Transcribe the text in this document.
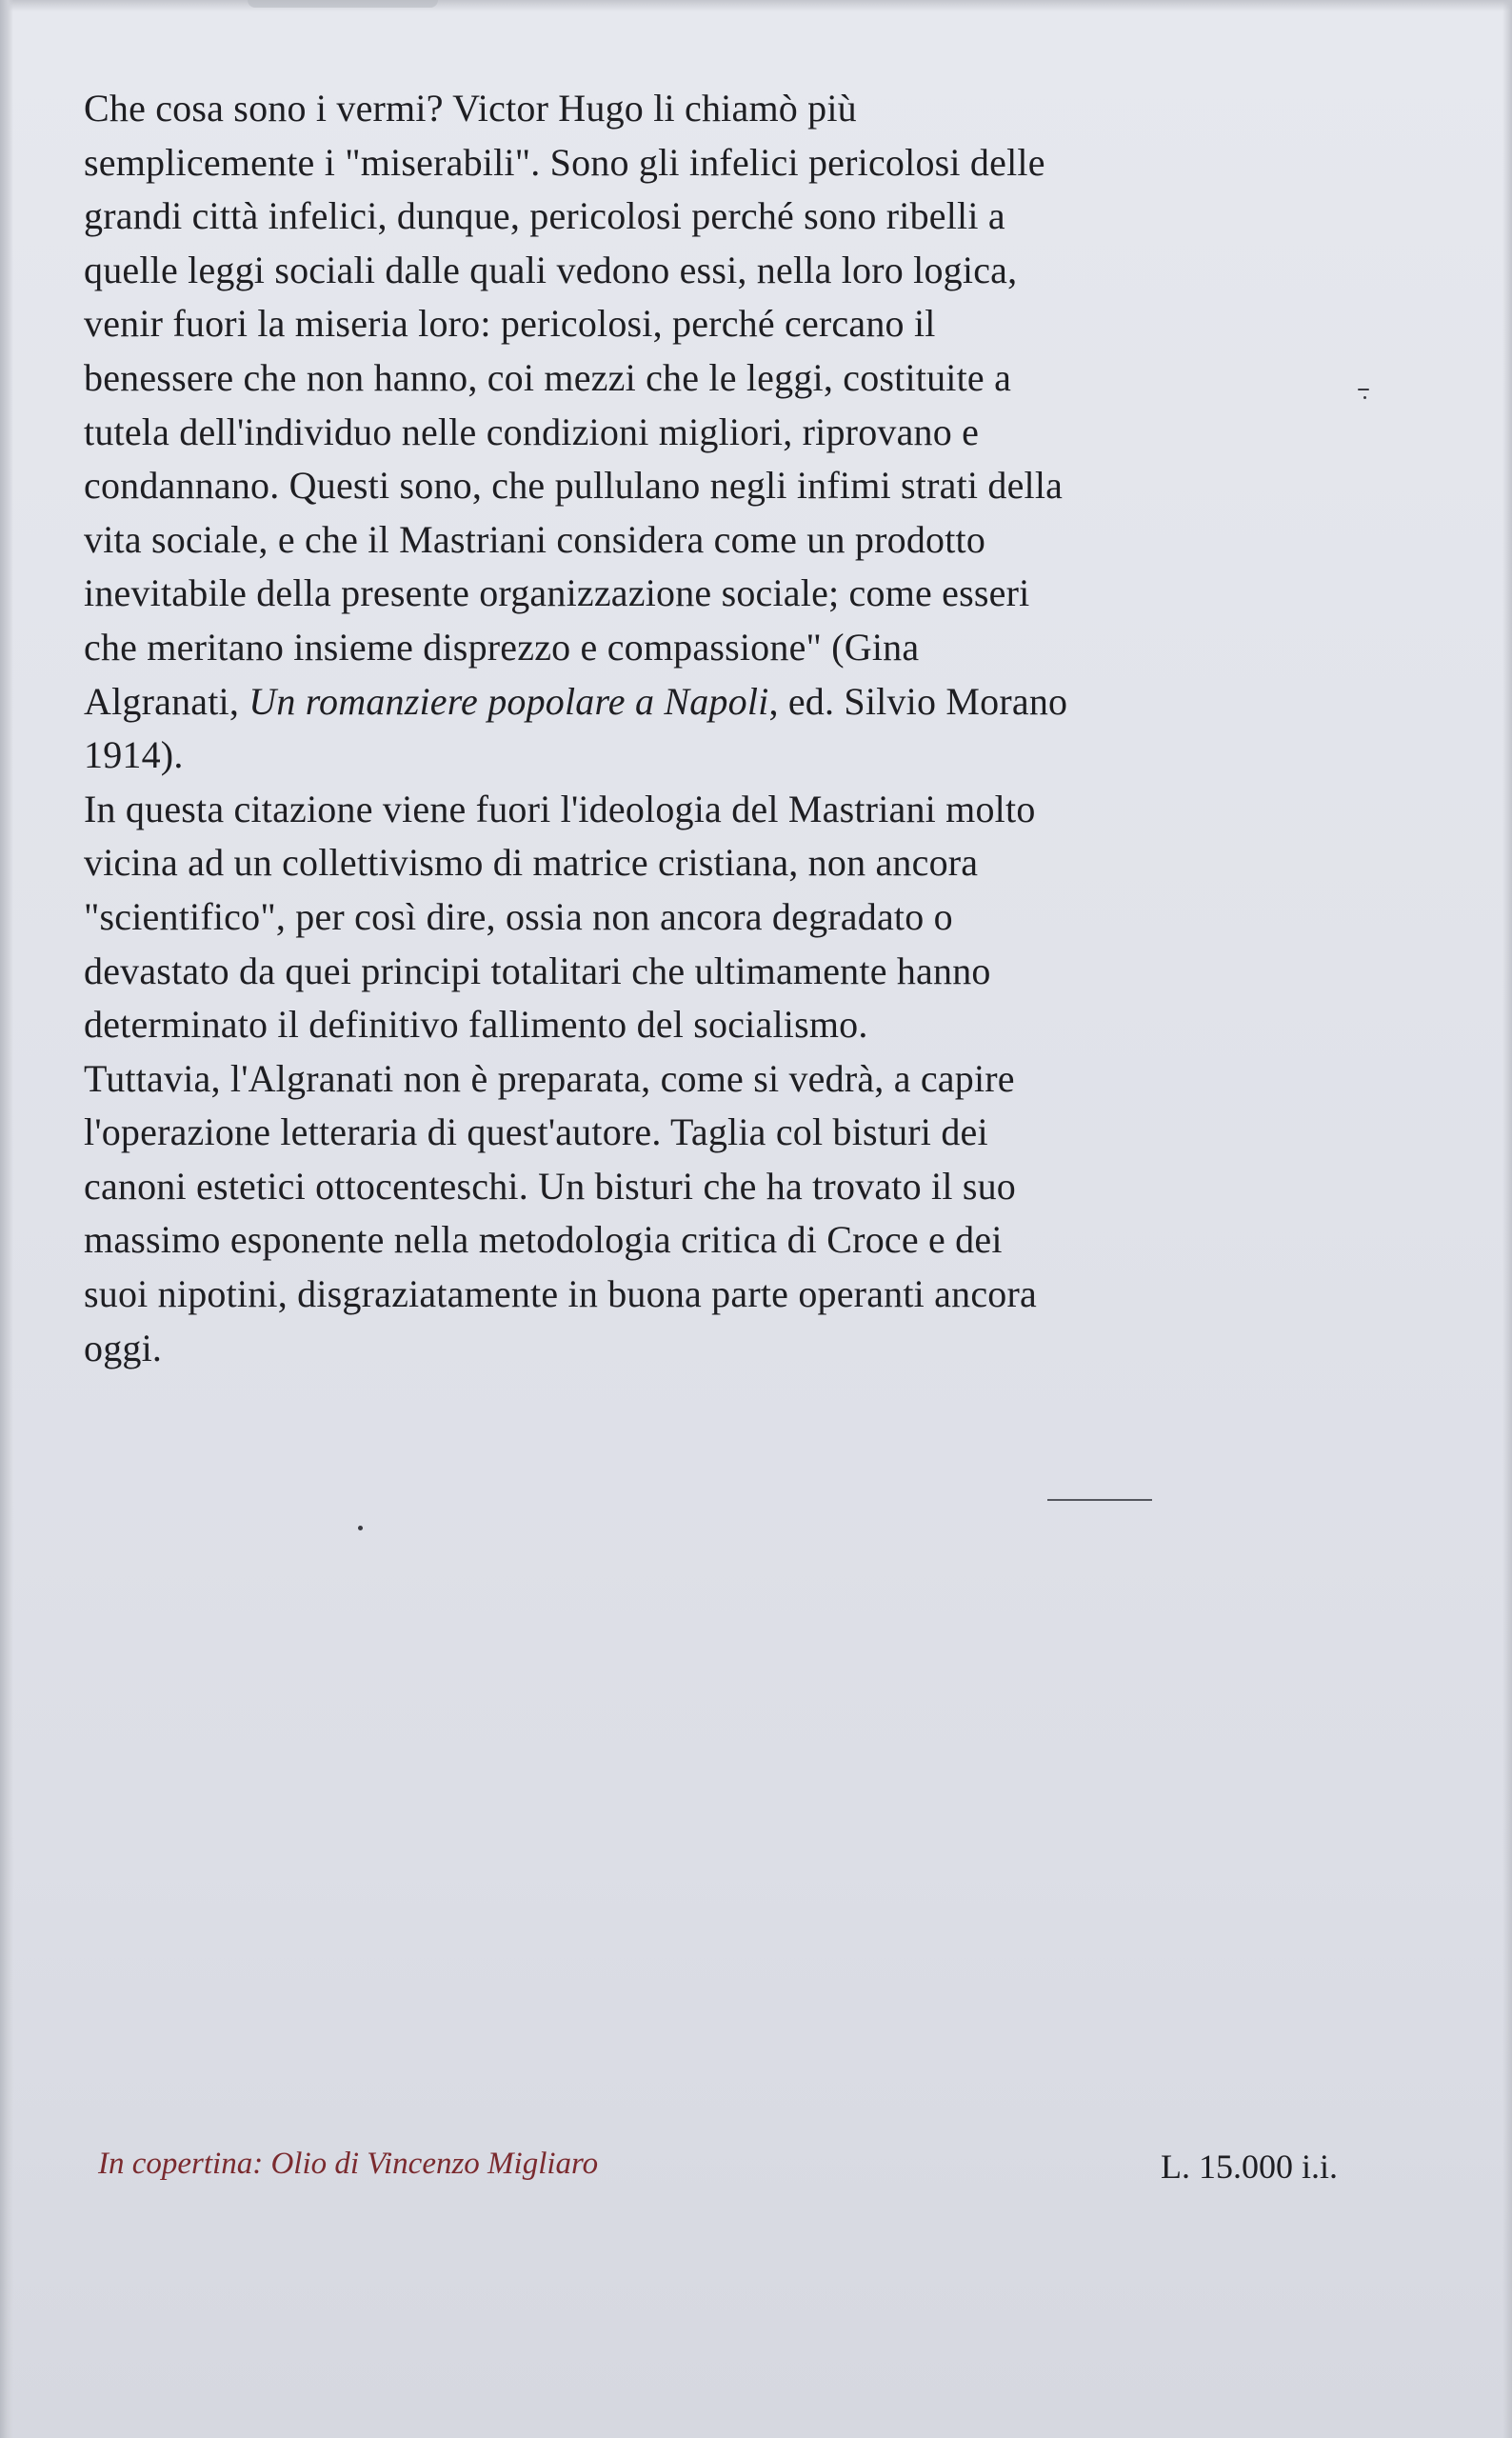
Che cosa sono i vermi? Victor Hugo li chiamò più
semplicemente i "miserabili". Sono gli infelici pericolosi delle
grandi città infelici, dunque, pericolosi perché sono ribelli a
quelle leggi sociali dalle quali vedono essi, nella loro logica,
venir fuori la miseria loro: pericolosi, perché cercano il
benessere che non hanno, coi mezzi che le leggi, costituite a
tutela dell'individuo nelle condizioni migliori, riprovano e
condannano. Questi sono, che pullulano negli infimi strati della
vita sociale, e che il Mastriani considera come un prodotto
inevitabile della presente organizzazione sociale; come esseri
che meritano insieme disprezzo e compassione" (Gina
Algranati, Un romanziere popolare a Napoli, ed. Silvio Morano
1914).
In questa citazione viene fuori l'ideologia del Mastriani molto
vicina ad un collettivismo di matrice cristiana, non ancora
"scientifico", per così dire, ossia non ancora degradato o
devastato da quei principi totalitari che ultimamente hanno
determinato il definitivo fallimento del socialismo.
Tuttavia, l'Algranati non è preparata, come si vedrà, a capire
l'operazione letteraria di quest'autore. Taglia col bisturi dei
canoni estetici ottocenteschi. Un bisturi che ha trovato il suo
massimo esponente nella metodologia critica di Croce e dei
suoi nipotini, disgraziatamente in buona parte operanti ancora
oggi.
In copertina: Olio di Vincenzo Migliaro	L. 15.000 i.i.
